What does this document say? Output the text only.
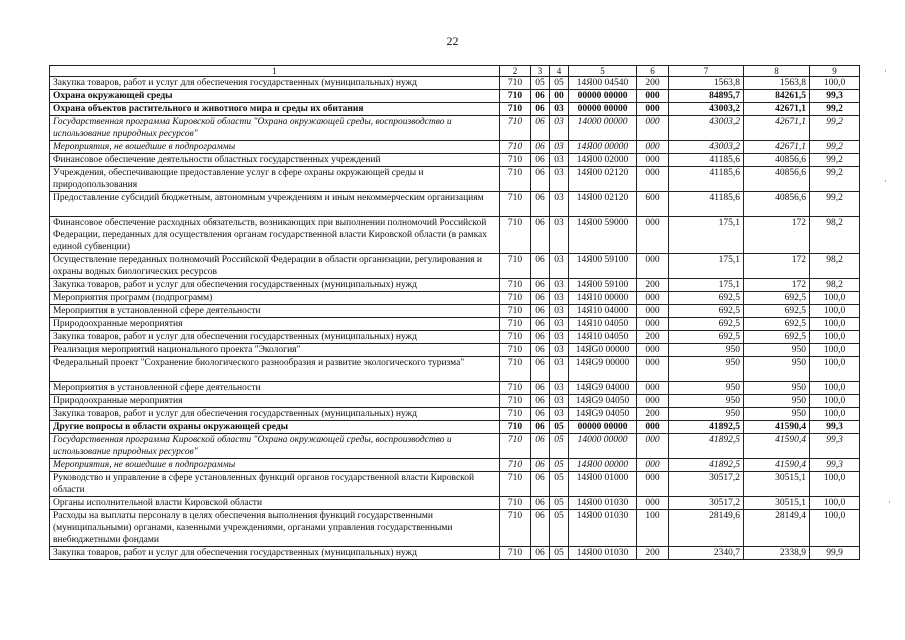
22
1	2	3	4	5	6	7	8	9
Закупка товаров, работ и услуг для обеспечения государственных (муниципальных) нужд	710	05	05	14Я00 04540	200	1563,8	1563,8	100,0
Охрана окружающей среды	710	06	00	00000 00000	000	84895,7	84261,5	99,3
Охрана объектов растительного и животного мира и среды их обитания	710	06	03	00000 00000	000	43003,2	42671,1	99,2
Государственная программа Кировской области "Охрана окружающей среды, воспроизводство и использование природных ресурсов"	710	06	03	14000 00000	000	43003,2	42671,1	99,2
Мероприятия, не вошедшие в подпрограммы	710	06	03	14Я00 00000	000	43003,2	42671,1	99,2
Финансовое обеспечение деятельности областных государственных учреждений	710	06	03	14Я00 02000	000	41185,6	40856,6	99,2
Учреждения, обеспечивающие предоставление услуг в сфере охраны окружающей среды и природопользования	710	06	03	14Я00 02120	000	41185,6	40856,6	99,2
Предоставление субсидий бюджетным, автономным учреждениям и иным некоммерческим организациям	710	06	03	14Я00 02120	600	41185,6	40856,6	99,2
Финансовое обеспечение расходных обязательств, возникающих при выполнении полномочий Российской Федерации, переданных для осуществления органам государственной власти Кировской области (в рамках единой субвенции)	710	06	03	14Я00 59000	000	175,1	172	98,2
Осуществление переданных полномочий Российской Федерации в области организации, регулирования и охраны водных биологических ресурсов	710	06	03	14Я00 59100	000	175,1	172	98,2
Закупка товаров, работ и услуг для обеспечения государственных (муниципальных) нужд	710	06	03	14Я00 59100	200	175,1	172	98,2
Мероприятия программ (подпрограмм)	710	06	03	14Я10 00000	000	692,5	692,5	100,0
Мероприятия в установленной сфере деятельности	710	06	03	14Я10 04000	000	692,5	692,5	100,0
Природоохранные мероприятия	710	06	03	14Я10 04050	000	692,5	692,5	100,0
Закупка товаров, работ и услуг для обеспечения государственных (муниципальных) нужд	710	06	03	14Я10 04050	200	692,5	692,5	100,0
Реализация мероприятий национального проекта "Экология"	710	06	03	14ЯG0 00000	000	950	950	100,0
Федеральный проект "Сохранение биологического разнообразия и развитие экологического туризма"	710	06	03	14ЯG9 00000	000	950	950	100,0
Мероприятия в установленной сфере деятельности	710	06	03	14ЯG9 04000	000	950	950	100,0
Природоохранные мероприятия	710	06	03	14ЯG9 04050	000	950	950	100,0
Закупка товаров, работ и услуг для обеспечения государственных (муниципальных) нужд	710	06	03	14ЯG9 04050	200	950	950	100,0
Другие вопросы в области охраны окружающей среды	710	06	05	00000 00000	000	41892,5	41590,4	99,3
Государственная программа Кировской области "Охрана окружающей среды, воспроизводство и использование природных ресурсов"	710	06	05	14000 00000	000	41892,5	41590,4	99,3
Мероприятия, не вошедшие в подпрограммы	710	06	05	14Я00 00000	000	41892,5	41590,4	99,3
Руководство и управление в сфере установленных функций органов государственной власти Кировской области	710	06	05	14Я00 01000	000	30517,2	30515,1	100,0
Органы исполнительной власти Кировской области	710	06	05	14Я00 01030	000	30517,2	30515,1	100,0
Расходы на выплаты персоналу в целях обеспечения выполнения функций государственными (муниципальными) органами, казенными учреждениями, органами управления государственными внебюджетными фондами	710	06	05	14Я00 01030	100	28149,6	28149,4	100,0
Закупка товаров, работ и услуг для обеспечения государственных (муниципальных) нужд	710	06	05	14Я00 01030	200	2340,7	2338,9	99,9
·
·
·
